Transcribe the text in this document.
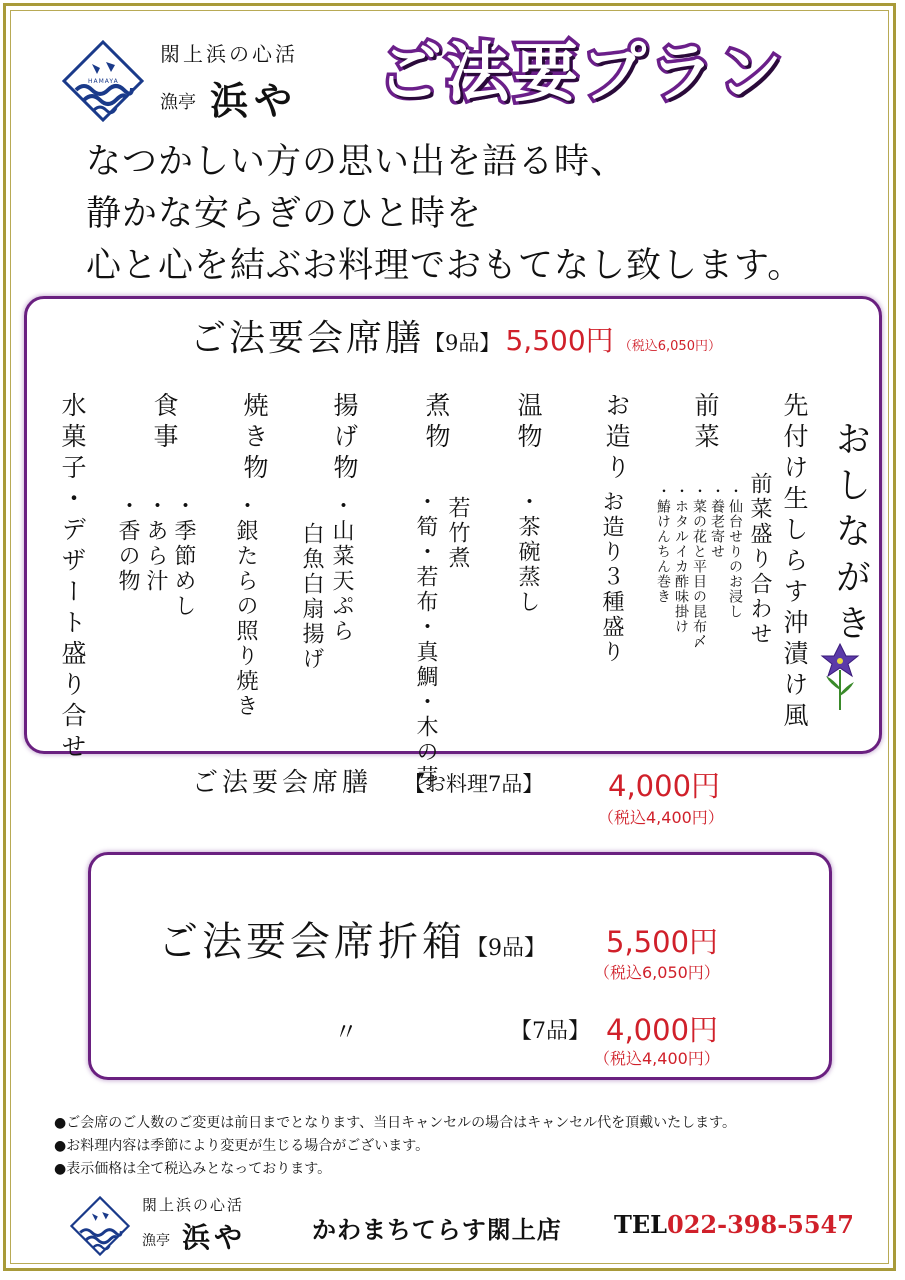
HAMAYA
閖上浜の心活
漁亭 浜や ご法要プラン
なつかしい方の思い出を語る時、
静かな安らぎのひと時を
心と心を結ぶお料理でおもてなし致します。
ご法要会席膳【9品】 5,500円 （税込6,050円）
おしながき
先付け生しらす沖漬け風
前菜
前菜盛り合わせ
・仙台せりのお浸し
・養老寄せ
・菜の花と平目の昆布〆
・ホタルイカ酢味掛け
・鰆けんちん巻き
お造り
お造り３種盛り
温物
・茶碗蒸し
煮物
若竹煮
・筍・若布・真鯛・木の芽
揚げ物
・山菜天ぷら
白魚白扇揚げ
焼き物
・銀たらの照り焼き
食事
・季節めし
・あら汁
・香の物
水菓子・デザート盛り合せ
ご法要会席膳 【お料理7品】 4,000円
（税込4,400円）
ご法要会席折箱【9品】 5,500円
（税込6,050円）
〃	【7品】 4,000円
（税込4,400円）
●ご会席のご人数のご変更は前日までとなります、当日キャンセルの場合はキャンセル代を頂戴いたします。
●お料理内容は季節により変更が生じる場合がございます。
●表示価格は全て税込みとなっております。
閖上浜の心活
漁亭 浜や	かわまちてらす閖上店 TEL022-398-5547
